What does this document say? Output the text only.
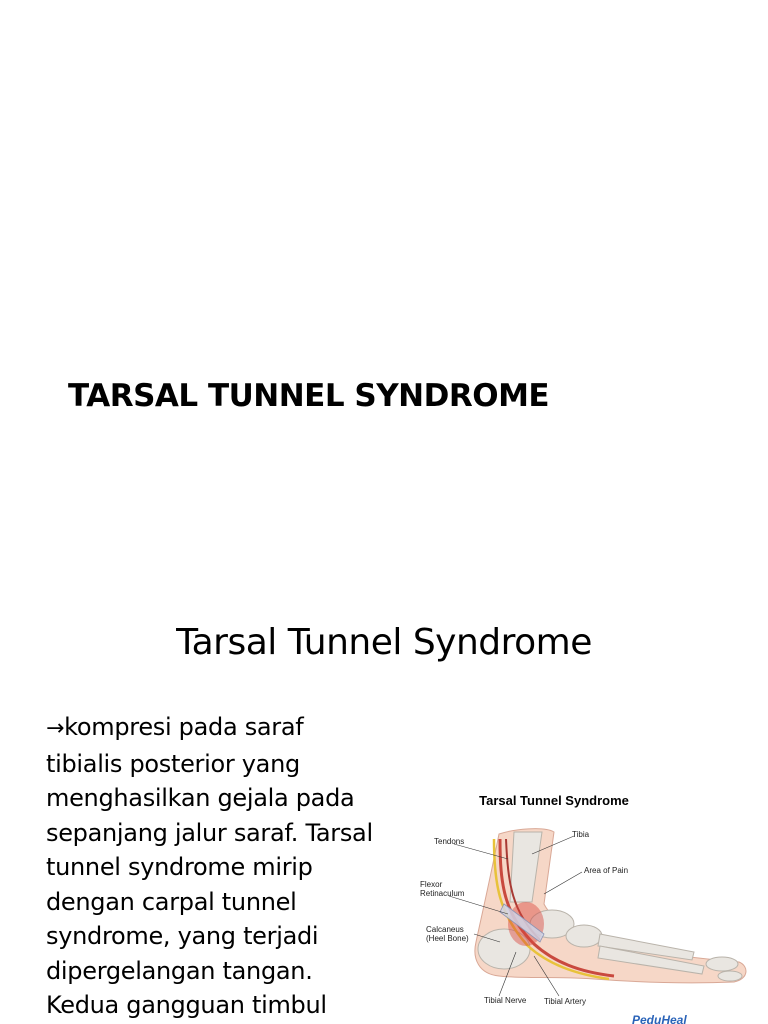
TARSAL TUNNEL SYNDROME
Tarsal Tunnel Syndrome
→kompresi pada saraf
tibialis posterior yang
menghasilkan gejala pada
sepanjang jalur saraf. Tarsal
tunnel syndrome mirip
dengan carpal tunnel
syndrome, yang terjadi
dipergelangan tangan.
Kedua gangguan timbul
Tarsal Tunnel Syndrome
Tendons
Tibia
Area of Pain
Flexor
Retinaculum
Calcaneus
(Heel Bone)
Tibial Nerve Tibial Artery
PeduHeal
